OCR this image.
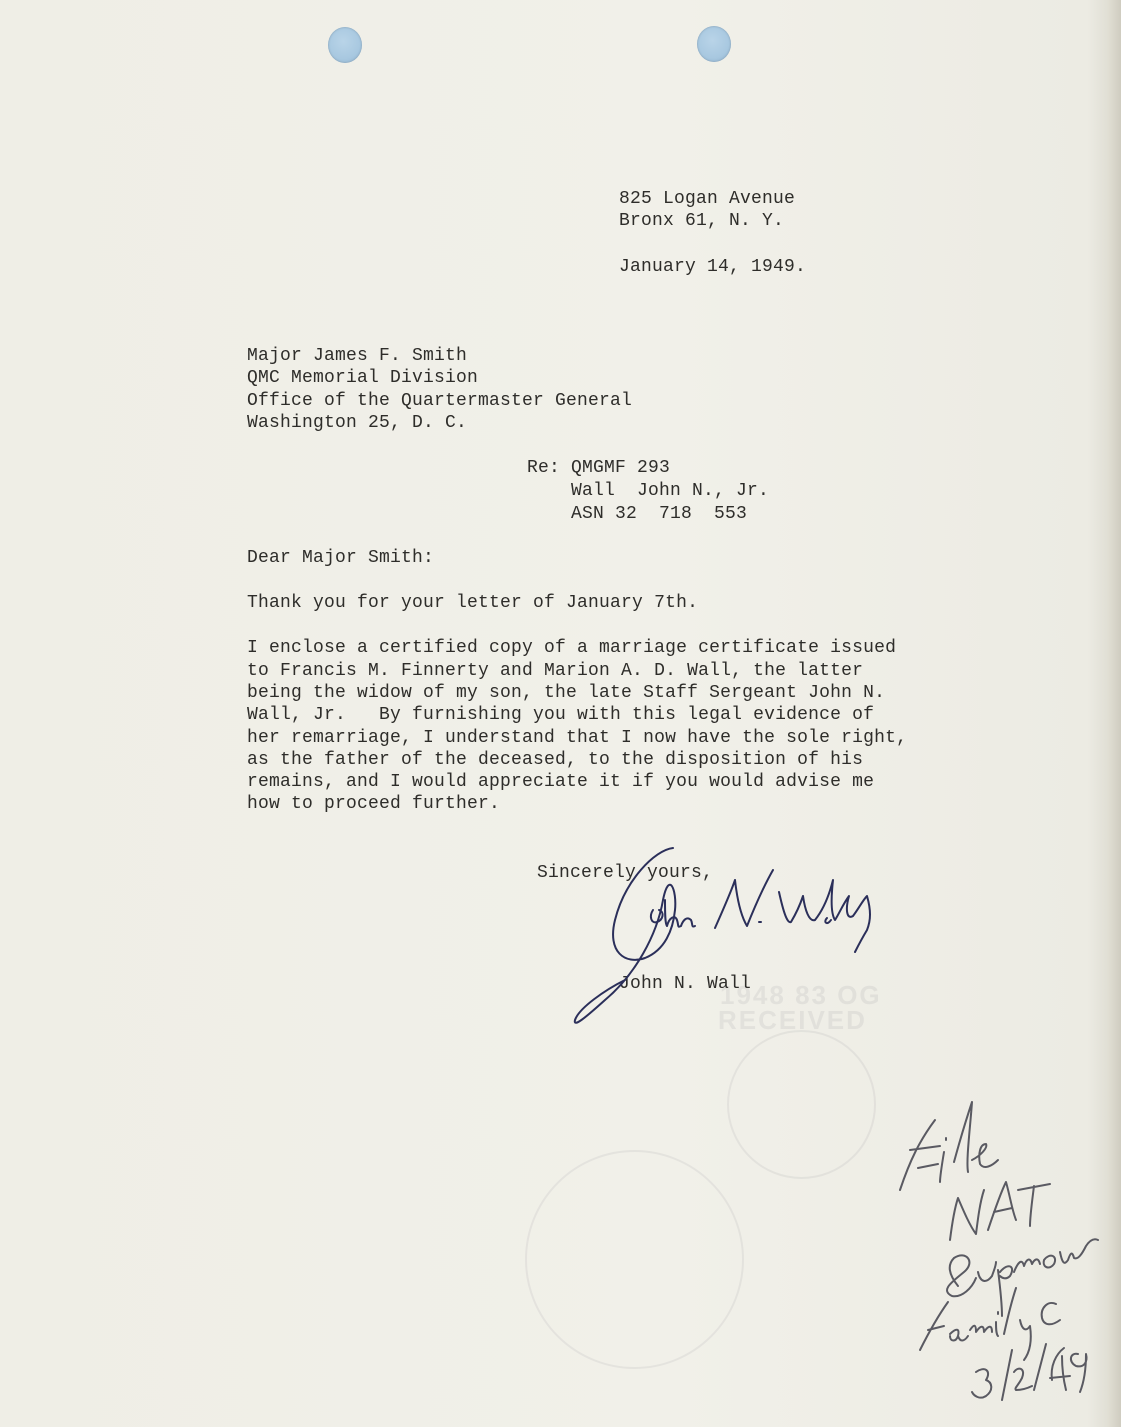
1948 83 OG
RECEIVED
825 Logan Avenue
Bronx 61, N. Y.
January 14, 1949.
Major James F. Smith
QMC Memorial Division
Office of the Quartermaster General
Washington 25, D. C.
Re: QMGMF 293
Wall  John N., Jr.
ASN 32  718  553
Dear Major Smith:
Thank you for your letter of January 7th.
I enclose a certified copy of a marriage certificate issued
to Francis M. Finnerty and Marion A. D. Wall, the latter
being the widow of my son, the late Staff Sergeant John N.
Wall, Jr.   By furnishing you with this legal evidence of
her remarriage, I understand that I now have the sole right,
as the father of the deceased, to the disposition of his
remains, and I would appreciate it if you would advise me
how to proceed further.
Sincerely yours,
John N. Wall
